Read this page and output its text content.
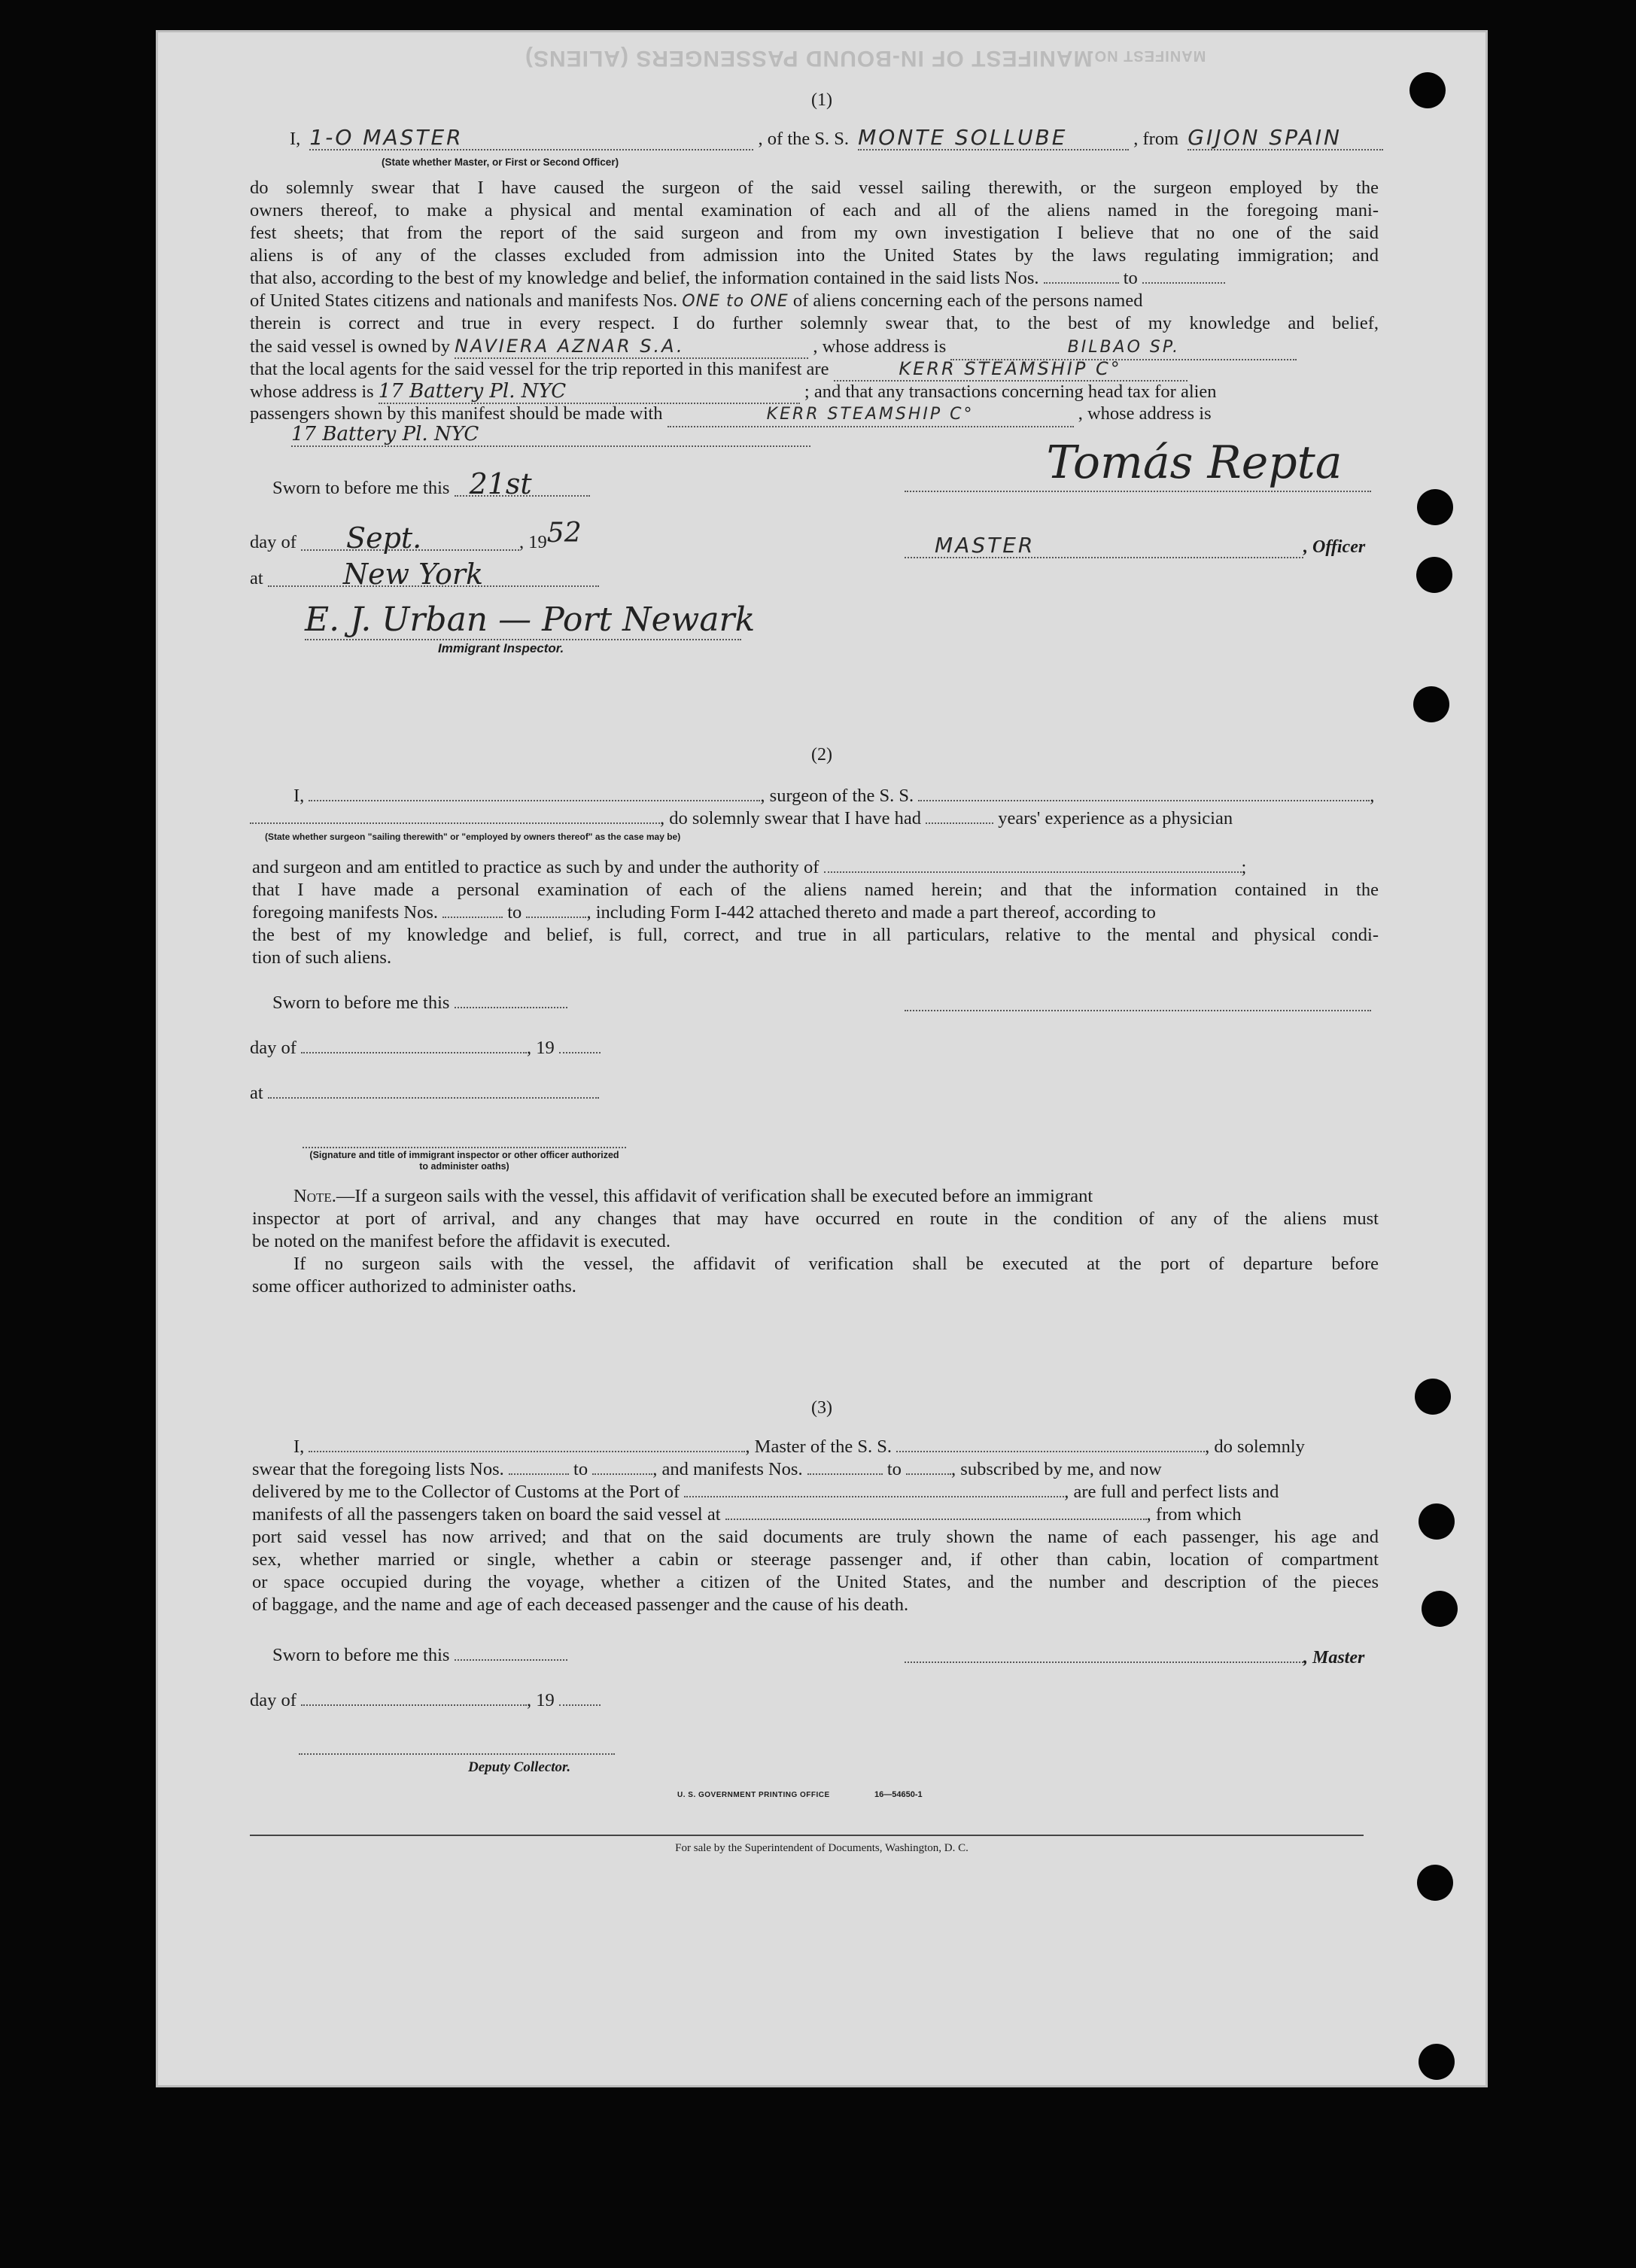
MANIFEST OF IN-BOUND PASSENGERS (ALIENS)
MANIFEST NO.
(1)
I, 1-O MASTER	, of the S. S. MONTE SOLLUBE	, from GIJON SPAIN
(State whether Master, or First or Second Officer)
do solemnly swear that I have caused the surgeon of the said vessel sailing therewith, or the surgeon employed by the
owners thereof, to make a physical and mental examination of each and all of the aliens named in the foregoing mani-
fest sheets; that from the report of the said surgeon and from my own investigation I believe that no one of the said
aliens is of any of the classes excluded from admission into the United States by the laws regulating immigration; and
that also, according to the best of my knowledge and belief, the information contained in the said lists Nos.	to
of United States citizens and nationals and manifests Nos. ONE to ONE of aliens concerning each of the persons named
therein is correct and true in every respect. I do further solemnly swear that, to the best of my knowledge and belief,
the said vessel is owned by NAVIERA AZNAR S.A.	, whose address is	BILBAO SP.
that the local agents for the said vessel for the trip reported in this manifest are	KERR STEAMSHIP C°
whose address is 17 Battery Pl. NYC	; and that any transactions concerning head tax for alien
passengers shown by this manifest should be made with	KERR STEAMSHIP C°	, whose address is
17 Battery Pl. NYC
Sworn to before me this 21st
day of Sept.	, 1952
at	New York
E. J. Urban — Port Newark
Immigrant Inspector.
Tomás Repta
MASTER	, Officer
(2)
I,	, surgeon of the S. S.	,
, do solemnly swear that I have had	years' experience as a physician
(State whether surgeon "sailing therewith" or "employed by owners thereof" as the case may be)
and surgeon and am entitled to practice as such by and under the authority of	;
that I have made a personal examination of each of the aliens named herein; and that the information contained in the
foregoing manifests Nos.	to	, including Form I-442 attached thereto and made a part thereof, according to
the best of my knowledge and belief, is full, correct, and true in all particulars, relative to the mental and physical condi-
tion of such aliens.
Sworn to before me this
day of	, 19
at
(Signature and title of immigrant inspector or other officer authorized to administer oaths)
Note.—If a surgeon sails with the vessel, this affidavit of verification shall be executed before an immigrant
inspector at port of arrival, and any changes that may have occurred en route in the condition of any of the aliens must
be noted on the manifest before the affidavit is executed.
If no surgeon sails with the vessel, the affidavit of verification shall be executed at the port of departure before
some officer authorized to administer oaths.
(3)
I,	, Master of the S. S.	, do solemnly
swear that the foregoing lists Nos.	to	, and manifests Nos.	to	, subscribed by me, and now
delivered by me to the Collector of Customs at the Port of	, are full and perfect lists and
manifests of all the passengers taken on board the said vessel at	, from which
port said vessel has now arrived; and that on the said documents are truly shown the name of each passenger, his age and
sex, whether married or single, whether a cabin or steerage passenger and, if other than cabin, location of compartment
or space occupied during the voyage, whether a citizen of the United States, and the number and description of the pieces
of baggage, and the name and age of each deceased passenger and the cause of his death.
Sworn to before me this	, Master
day of	, 19
Deputy Collector.
U. S. GOVERNMENT PRINTING OFFICE	16—54650-1
For sale by the Superintendent of Documents, Washington, D. C.
